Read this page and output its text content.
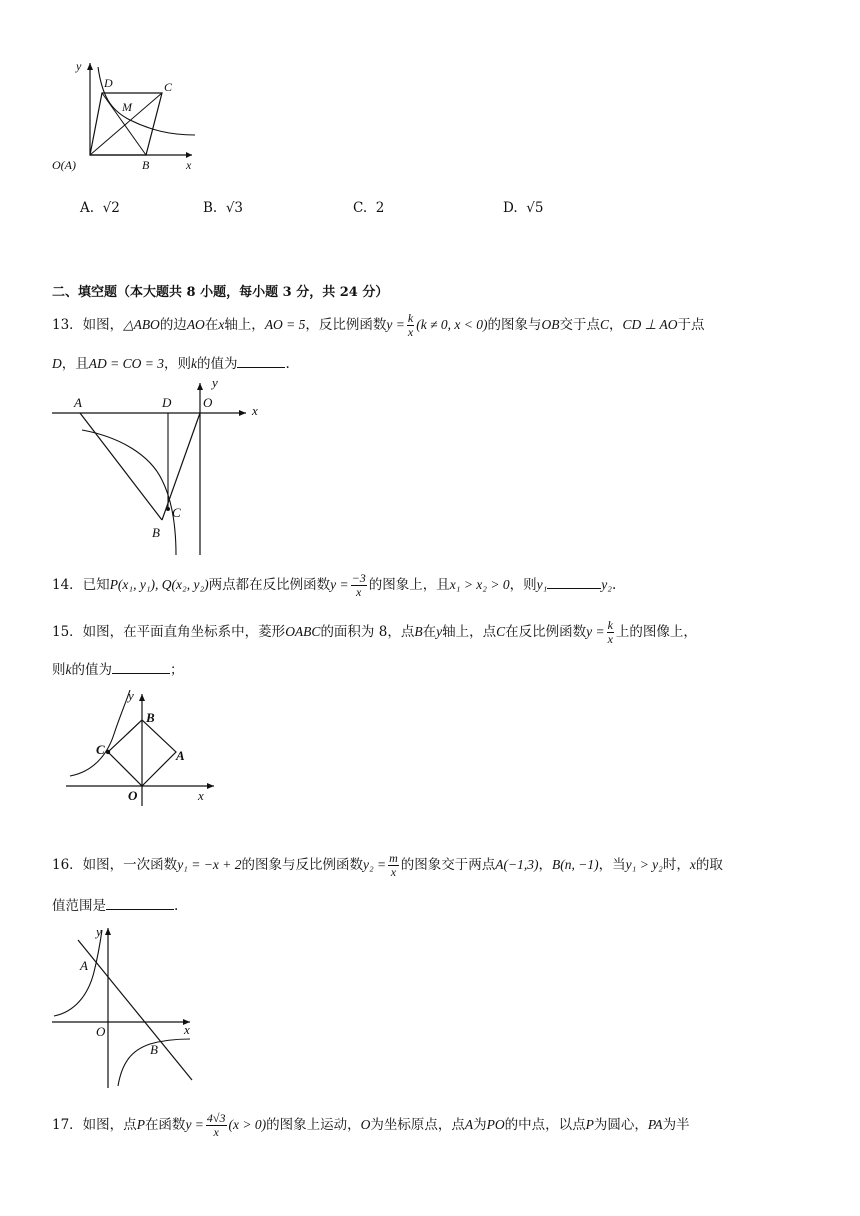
y
D	C
M
O(A)	B	x
A. √2	B. √3	C. 2	D. √5
二、填空题（本大题共 8 小题，每小题 3 分，共 24 分）
13．如图，△ABO的边AO在x轴上，AO = 5，反比例函数$y = \frac{k}{x} (k \ne 0$, x < 0)的图象与OB交于点C，CD ⊥ AO于点
D，且AD = CO = 3，则k的值为	.
y
A	D O
x
C
B
14．已知P(x₁, y₁), Q(x₂, y₂)两点都在反比例函数$y = \frac{-3}{x}$ 的图象上，且x₁ > x₂ > 0，则y₁	y₂.
15．如图，在平面直角坐标系中，菱形OABC的面积为 8，点B在y轴上，点C在反比例函数$y = \frac{k}{x}$ 上的图像上，
则k的值为	；
y
B
C	A
O	x
16．如图，一次函数y₁ = −x + 2的图象与反比例函数$y_2 = \frac{m}{x}$ 的图象交于两点A(−1,3)，B(n, −1)，当y₁ > y₂时，x的取
值范围是	.
y
A
O	x
B
17．如图，点P在函数$y = \frac{4√3}{x} (x > 0)$的图象上运动，O为坐标原点，点A为PO的中点，以点P为圆心，PA为半
